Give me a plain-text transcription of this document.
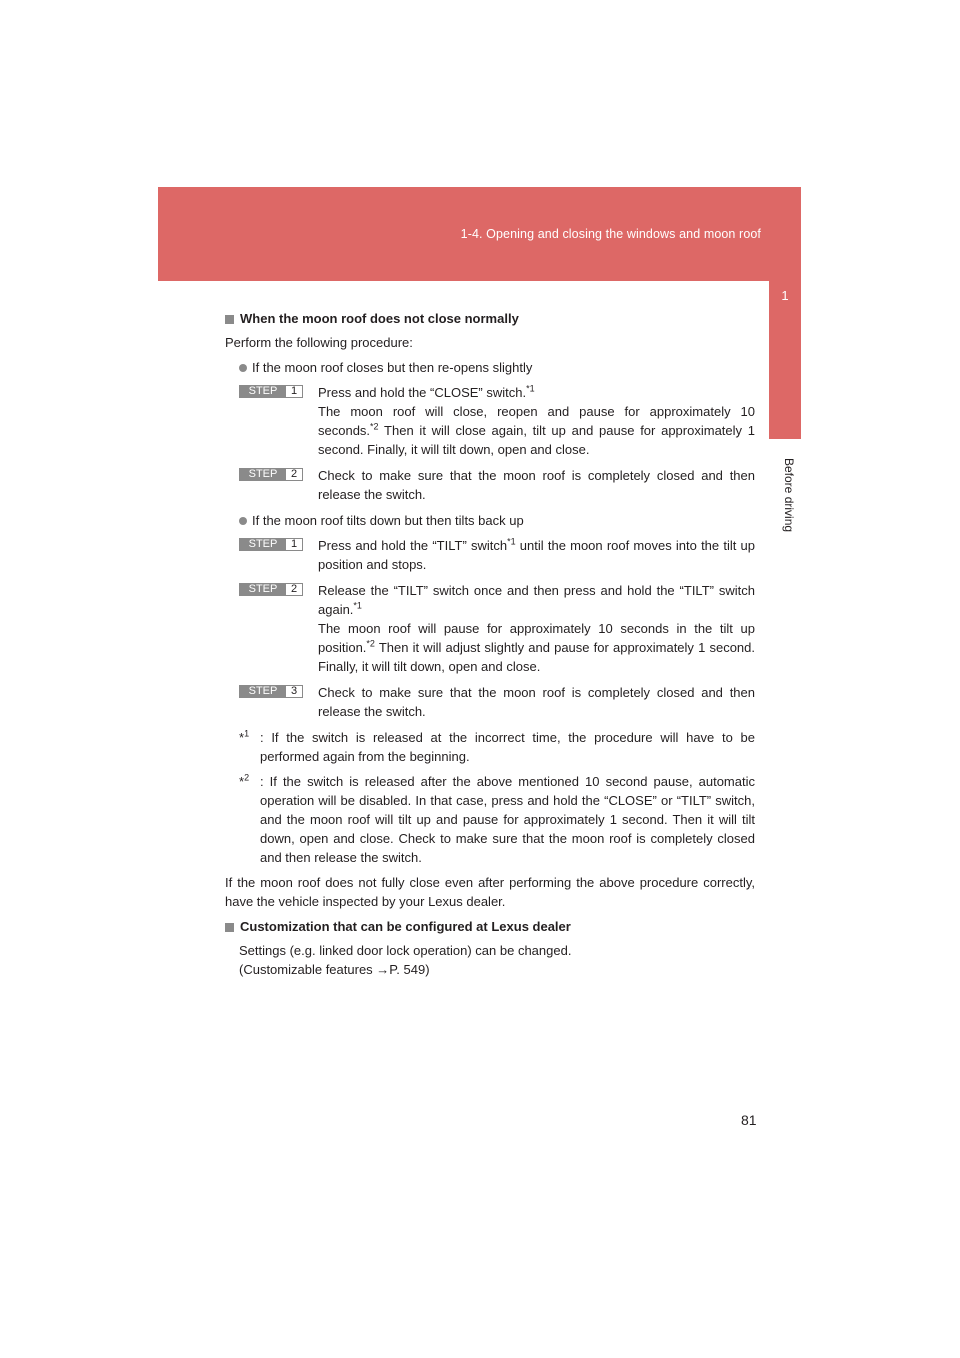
1-4. Opening and closing the windows and moon roof
1
Before driving
When the moon roof does not close normally
Perform the following procedure:
If the moon roof closes but then re-opens slightly
STEP	1	Press and hold the “CLOSE” switch.$^{*1}$
The moon roof will close, reopen and pause for approximately 10 seconds.$^{*2}$ Then it will close again, tilt up and pause for approximately 1 second. Finally, it will tilt down, open and close.
STEP	2	Check to make sure that the moon roof is completely closed and then release the switch.
If the moon roof tilts down but then tilts back up
STEP	1	Press and hold the “TILT” switch$^{*1}$ until the moon roof moves into the tilt up position and stops.
STEP	2	Release the “TILT” switch once and then press and hold the “TILT” switch again.$^{*1}$
The moon roof will pause for approximately 10 seconds in the tilt up position.$^{*2}$ Then it will adjust slightly and pause for approximately 1 second. Finally, it will tilt down, open and close.
STEP	3	Check to make sure that the moon roof is completely closed and then release the switch.
*$^1$ : If the switch is released at the incorrect time, the procedure will have to be performed again from the beginning.
*$^2$ : If the switch is released after the above mentioned 10 second pause, automatic operation will be disabled. In that case, press and hold the “CLOSE” or “TILT” switch, and the moon roof will tilt up and pause for approximately 1 second. Then it will tilt down, open and close. Check to make sure that the moon roof is completely closed and then release the switch.
If the moon roof does not fully close even after performing the above procedure correctly, have the vehicle inspected by your Lexus dealer.
Customization that can be configured at Lexus dealer
Settings (e.g. linked door lock operation) can be changed.
(Customizable features →P. 549)
81
